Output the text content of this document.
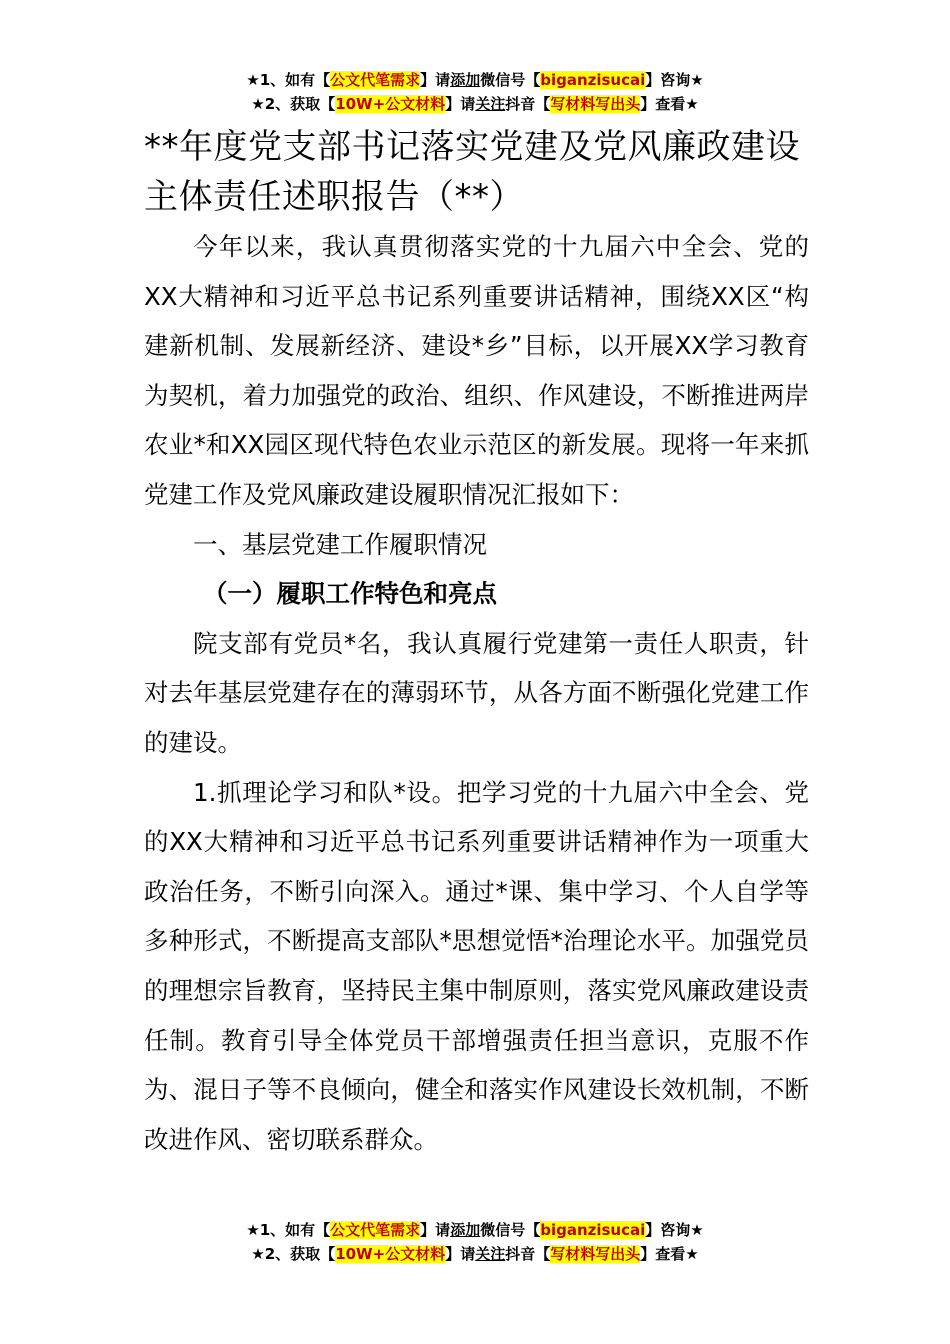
★1、如有【公文代笔需求】请添加微信号【biganzisucai】咨询★
★2、获取【10W+公文材料】请关注抖音【写材料写出头】查看★
**年度党支部书记落实党建及党风廉政建设主体责任述职报告（**）

今年以来，我认真贯彻落实党的十九届六中全会、党的XX大精神和习近平总书记系列重要讲话精神，围绕XX区“构建新机制、发展新经济、建设*乡”目标，以开展XX学习教育为契机，着力加强党的政治、组织、作风建设，不断推进两岸农业*和XX园区现代特色农业示范区的新发展。现将一年来抓党建工作及党风廉政建设履职情况汇报如下：

一、基层党建工作履职情况

（一）履职工作特色和亮点

院支部有党员*名，我认真履行党建第一责任人职责，针对去年基层党建存在的薄弱环节，从各方面不断强化党建工作的建设。

1.抓理论学习和队*设。把学习党的十九届六中全会、党的XX大精神和习近平总书记系列重要讲话精神作为一项重大政治任务，不断引向深入。通过*课、集中学习、个人自学等多种形式，不断提高支部队*思想觉悟*治理论水平。加强党员的理想宗旨教育，坚持民主集中制原则，落实党风廉政建设责任制。教育引导全体党员干部增强责任担当意识，克服不作为、混日子等不良倾向，健全和落实作风建设长效机制，不断改进作风、密切联系群众。

★1、如有【公文代笔需求】请添加微信号【biganzisucai】咨询★
★2、获取【10W+公文材料】请关注抖音【写材料写出头】查看★
